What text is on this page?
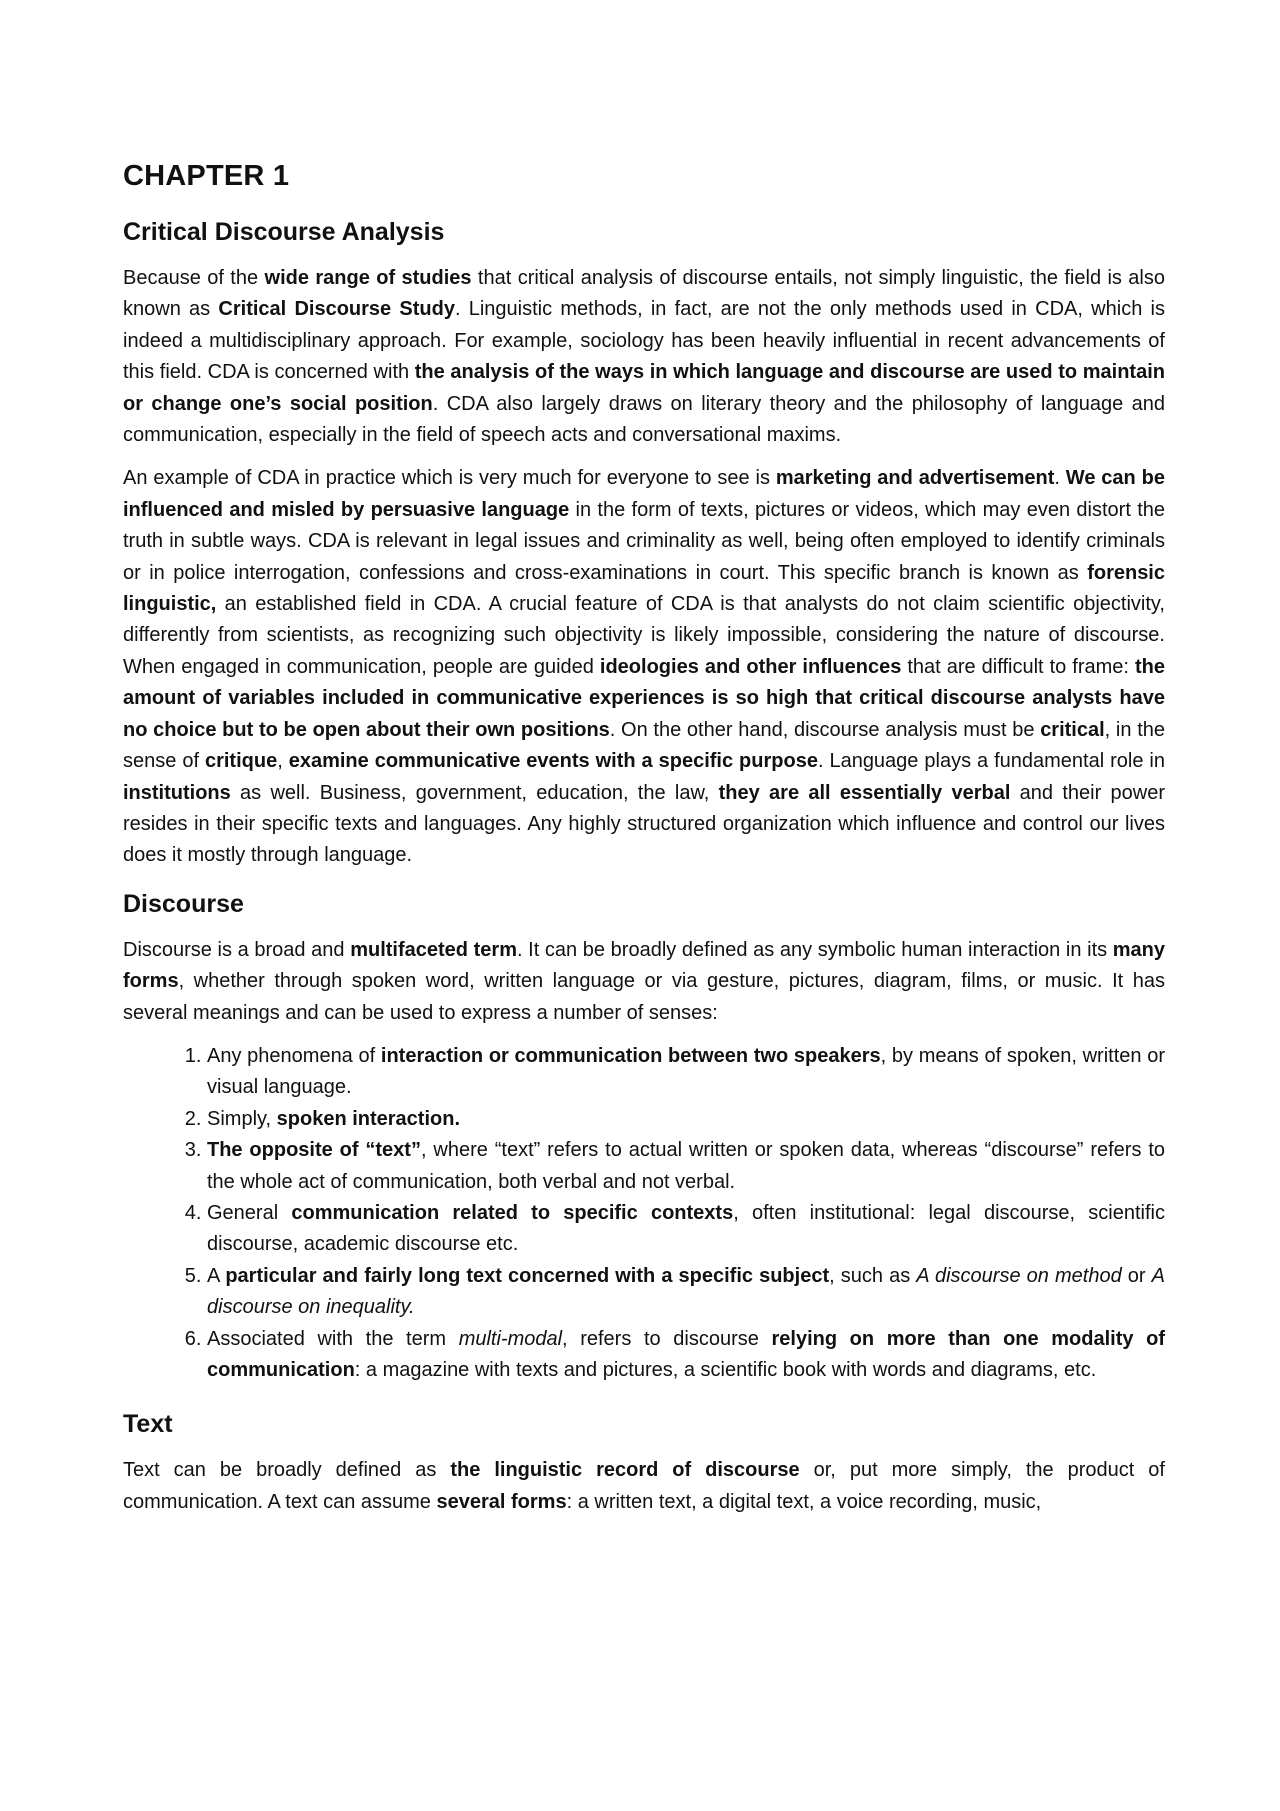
CHAPTER 1
Critical Discourse Analysis

Because of the wide range of studies that critical analysis of discourse entails, not simply linguistic, the field is also known as Critical Discourse Study. Linguistic methods, in fact, are not the only methods used in CDA, which is indeed a multidisciplinary approach. For example, sociology has been heavily influential in recent advancements of this field. CDA is concerned with the analysis of the ways in which language and discourse are used to maintain or change one’s social position. CDA also largely draws on literary theory and the philosophy of language and communication, especially in the field of speech acts and conversational maxims.

An example of CDA in practice which is very much for everyone to see is marketing and advertisement. We can be influenced and misled by persuasive language in the form of texts, pictures or videos, which may even distort the truth in subtle ways. CDA is relevant in legal issues and criminality as well, being often employed to identify criminals or in police interrogation, confessions and cross-examinations in court. This specific branch is known as forensic linguistic, an established field in CDA. A crucial feature of CDA is that analysts do not claim scientific objectivity, differently from scientists, as recognizing such objectivity is likely impossible, considering the nature of discourse. When engaged in communication, people are guided ideologies and other influences that are difficult to frame: the amount of variables included in communicative experiences is so high that critical discourse analysts have no choice but to be open about their own positions. On the other hand, discourse analysis must be critical, in the sense of critique, examine communicative events with a specific purpose. Language plays a fundamental role in institutions as well. Business, government, education, the law, they are all essentially verbal and their power resides in their specific texts and languages. Any highly structured organization which influence and control our lives does it mostly through language.

Discourse

Discourse is a broad and multifaceted term. It can be broadly defined as any symbolic human interaction in its many forms, whether through spoken word, written language or via gesture, pictures, diagram, films, or music. It has several meanings and can be used to express a number of senses:

1. Any phenomena of interaction or communication between two speakers, by means of spoken, written or visual language.
2. Simply, spoken interaction.
3. The opposite of “text”, where “text” refers to actual written or spoken data, whereas “discourse” refers to the whole act of communication, both verbal and not verbal.
4. General communication related to specific contexts, often institutional: legal discourse, scientific discourse, academic discourse etc.
5. A particular and fairly long text concerned with a specific subject, such as A discourse on method or A discourse on inequality.
6. Associated with the term multi-modal, refers to discourse relying on more than one modality of communication: a magazine with texts and pictures, a scientific book with words and diagrams, etc.
Text

Text can be broadly defined as the linguistic record of discourse or, put more simply, the product of communication. A text can assume several forms: a written text, a digital text, a voice recording, music,
